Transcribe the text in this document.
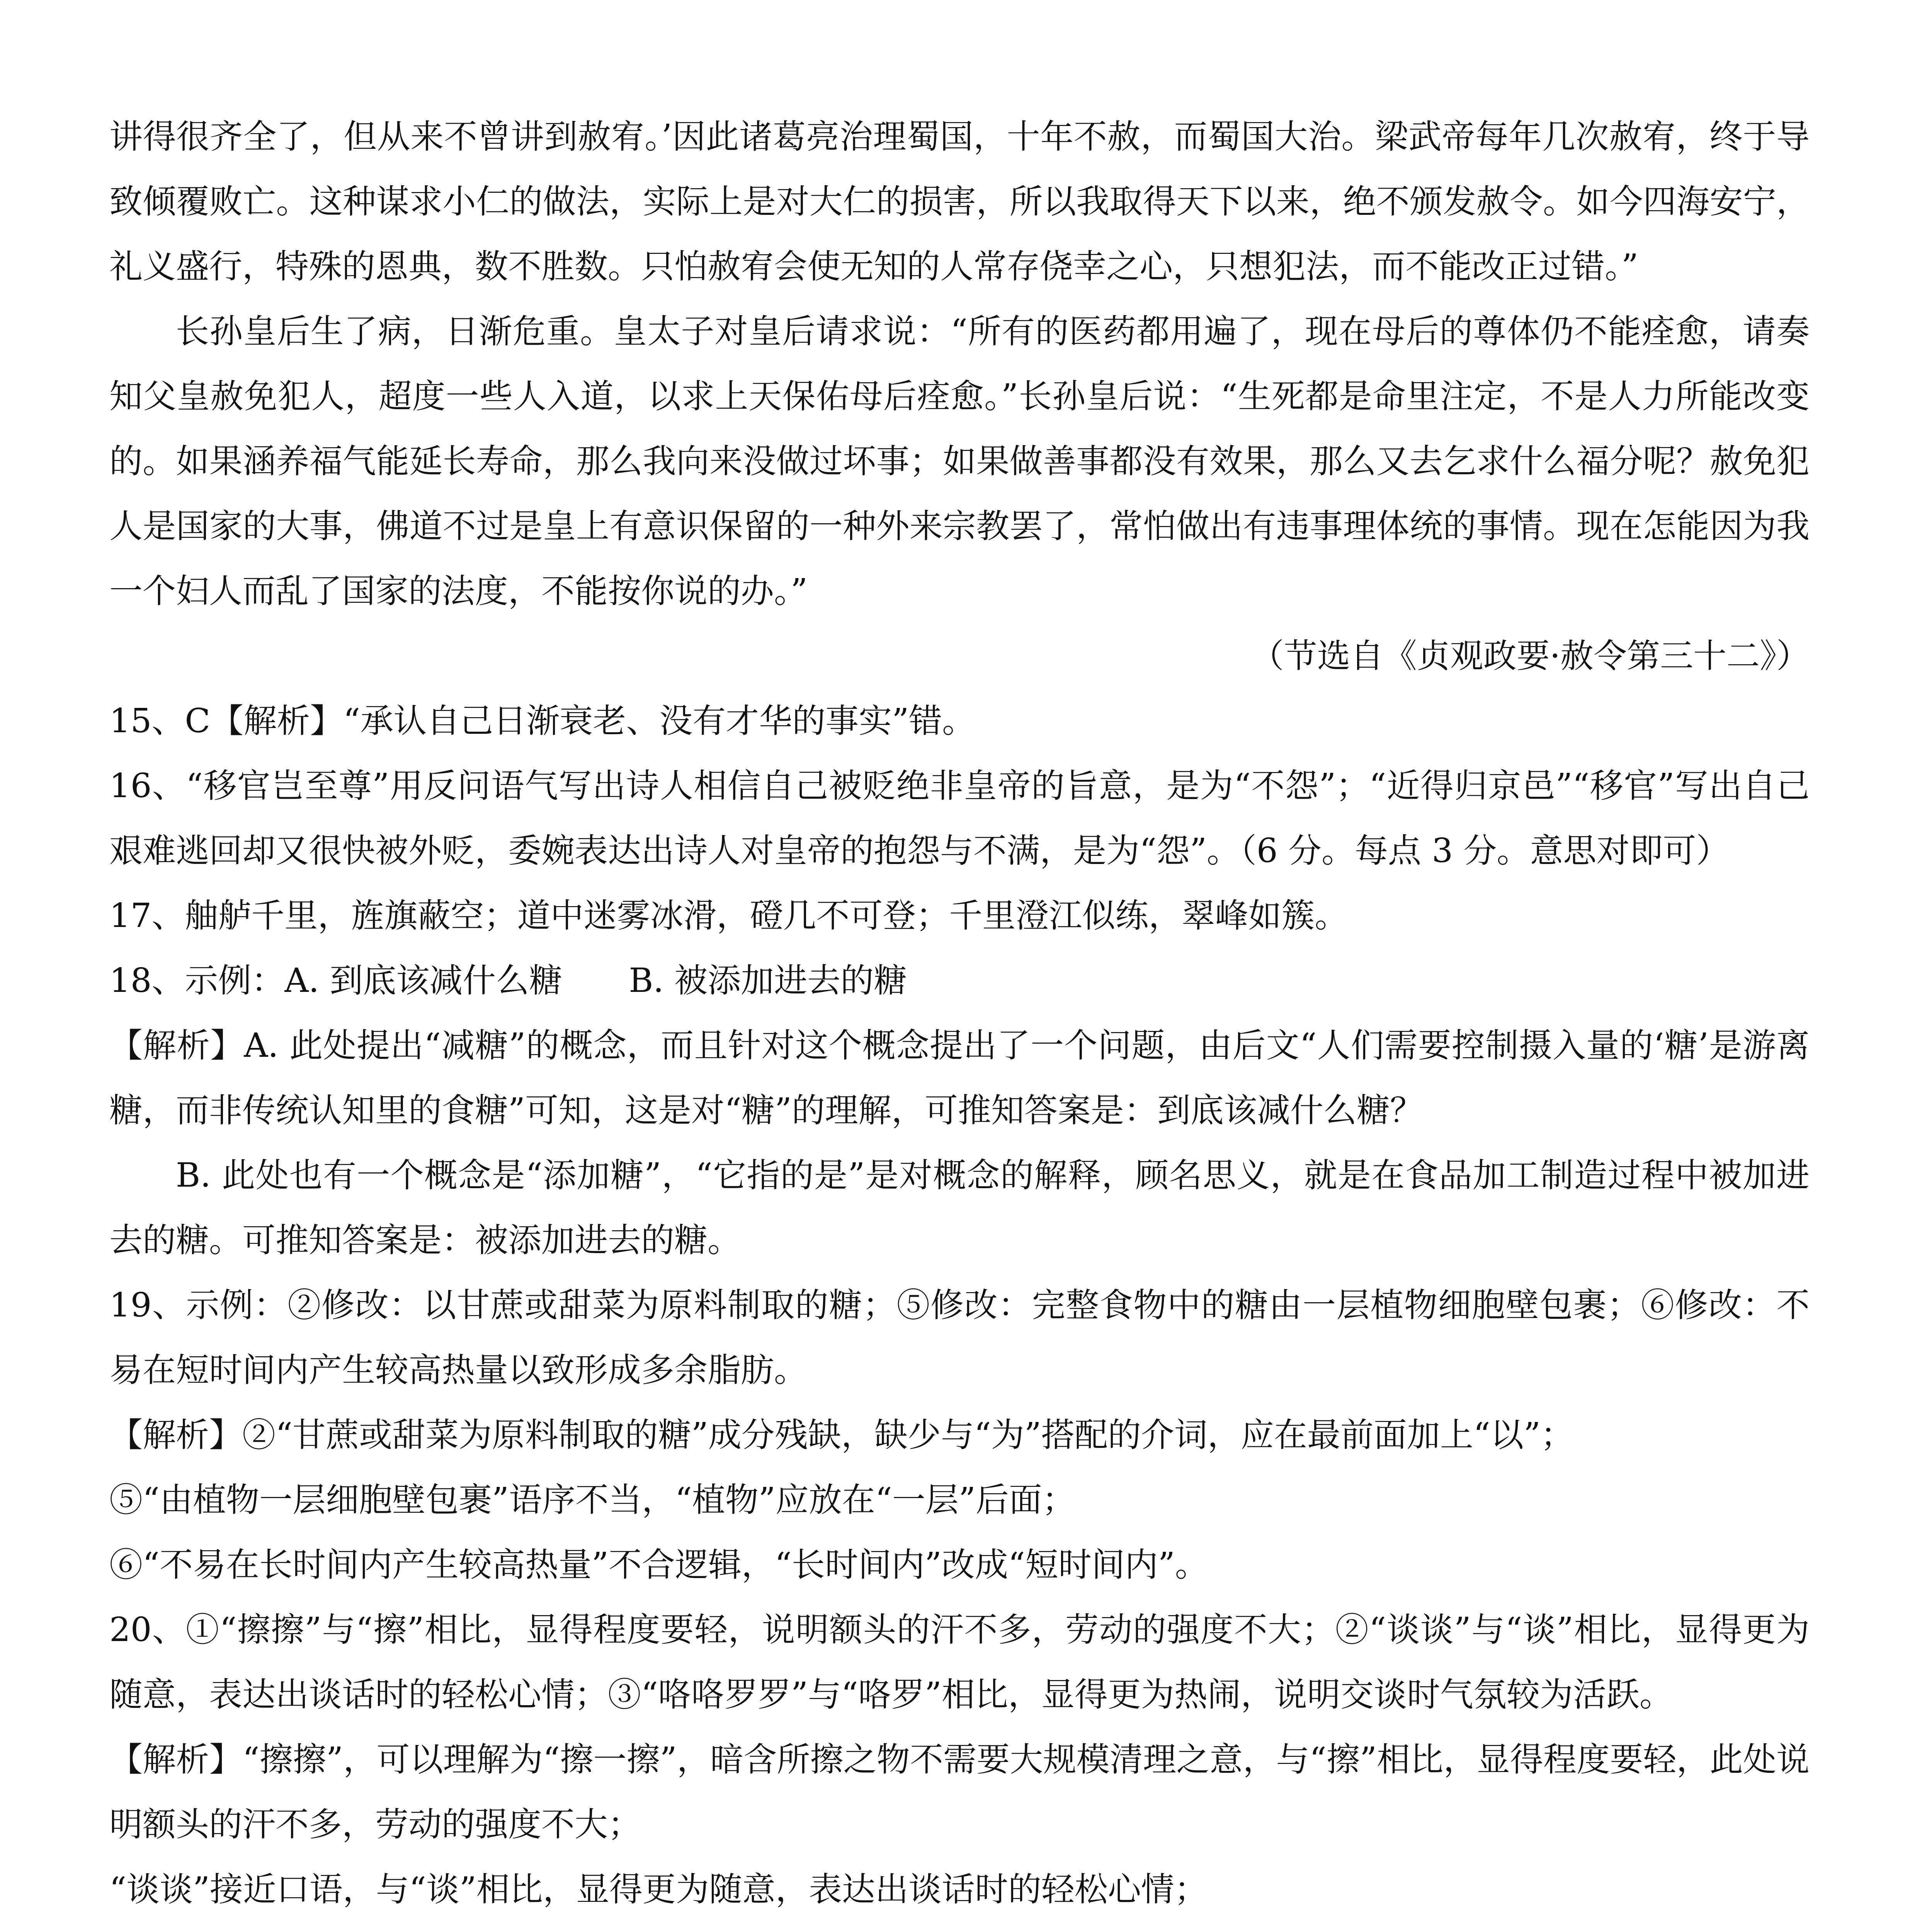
讲得很齐全了，但从来不曾讲到赦宥。’因此诸葛亮治理蜀国，十年不赦，而蜀国大治。梁武帝每年几次赦宥，终于导致倾覆败亡。这种谋求小仁的做法，实际上是对大仁的损害，所以我取得天下以来，绝不颁发赦令。如今四海安宁，礼义盛行，特殊的恩典，数不胜数。只怕赦宥会使无知的人常存侥幸之心，只想犯法，而不能改正过错。”

长孙皇后生了病，日渐危重。皇太子对皇后请求说：“所有的医药都用遍了，现在母后的尊体仍不能痊愈，请奏知父皇赦免犯人，超度一些人入道，以求上天保佑母后痊愈。”长孙皇后说：“生死都是命里注定，不是人力所能改变的。如果涵养福气能延长寿命，那么我向来没做过坏事；如果做善事都没有效果，那么又去乞求什么福分呢？赦免犯人是国家的大事，佛道不过是皇上有意识保留的一种外来宗教罢了，常怕做出有违事理体统的事情。现在怎能因为我一个妇人而乱了国家的法度，不能按你说的办。”

（节选自《贞观政要·赦令第三十二》）

15、C【解析】“承认自己日渐衰老、没有才华的事实”错。

16、“移官岂至尊”用反问语气写出诗人相信自己被贬绝非皇帝的旨意，是为“不怨”；“近得归京邑”“移官”写出自己艰难逃回却又很快被外贬，委婉表达出诗人对皇帝的抱怨与不满，是为“怨”。（6 分。每点 3 分。意思对即可）

17、舳舻千里，旌旗蔽空；道中迷雾冰滑，磴几不可登；千里澄江似练，翠峰如簇。

18、示例：A. 到底该减什么糖　　B. 被添加进去的糖

【解析】A. 此处提出“减糖”的概念，而且针对这个概念提出了一个问题，由后文“人们需要控制摄入量的‘糖’是游离糖，而非传统认知里的食糖”可知，这是对“糖”的理解，可推知答案是：到底该减什么糖？

B. 此处也有一个概念是“添加糖”，“它指的是”是对概念的解释，顾名思义，就是在食品加工制造过程中被加进去的糖。可推知答案是：被添加进去的糖。

19、示例：②修改：以甘蔗或甜菜为原料制取的糖；⑤修改：完整食物中的糖由一层植物细胞壁包裹；⑥修改：不易在短时间内产生较高热量以致形成多余脂肪。

【解析】②“甘蔗或甜菜为原料制取的糖”成分残缺，缺少与“为”搭配的介词，应在最前面加上“以”；

⑤“由植物一层细胞壁包裹”语序不当，“植物”应放在“一层”后面；

⑥“不易在长时间内产生较高热量”不合逻辑，“长时间内”改成“短时间内”。

20、①“擦擦”与“擦”相比，显得程度要轻，说明额头的汗不多，劳动的强度不大；②“谈谈”与“谈”相比，显得更为随意，表达出谈话时的轻松心情；③“咯咯罗罗”与“咯罗”相比，显得更为热闹，说明交谈时气氛较为活跃。

【解析】“擦擦”，可以理解为“擦一擦”，暗含所擦之物不需要大规模清理之意，与“擦”相比，显得程度要轻，此处说明额头的汗不多，劳动的强度不大；

“谈谈”接近口语，与“谈”相比，显得更为随意，表达出谈话时的轻松心情；
